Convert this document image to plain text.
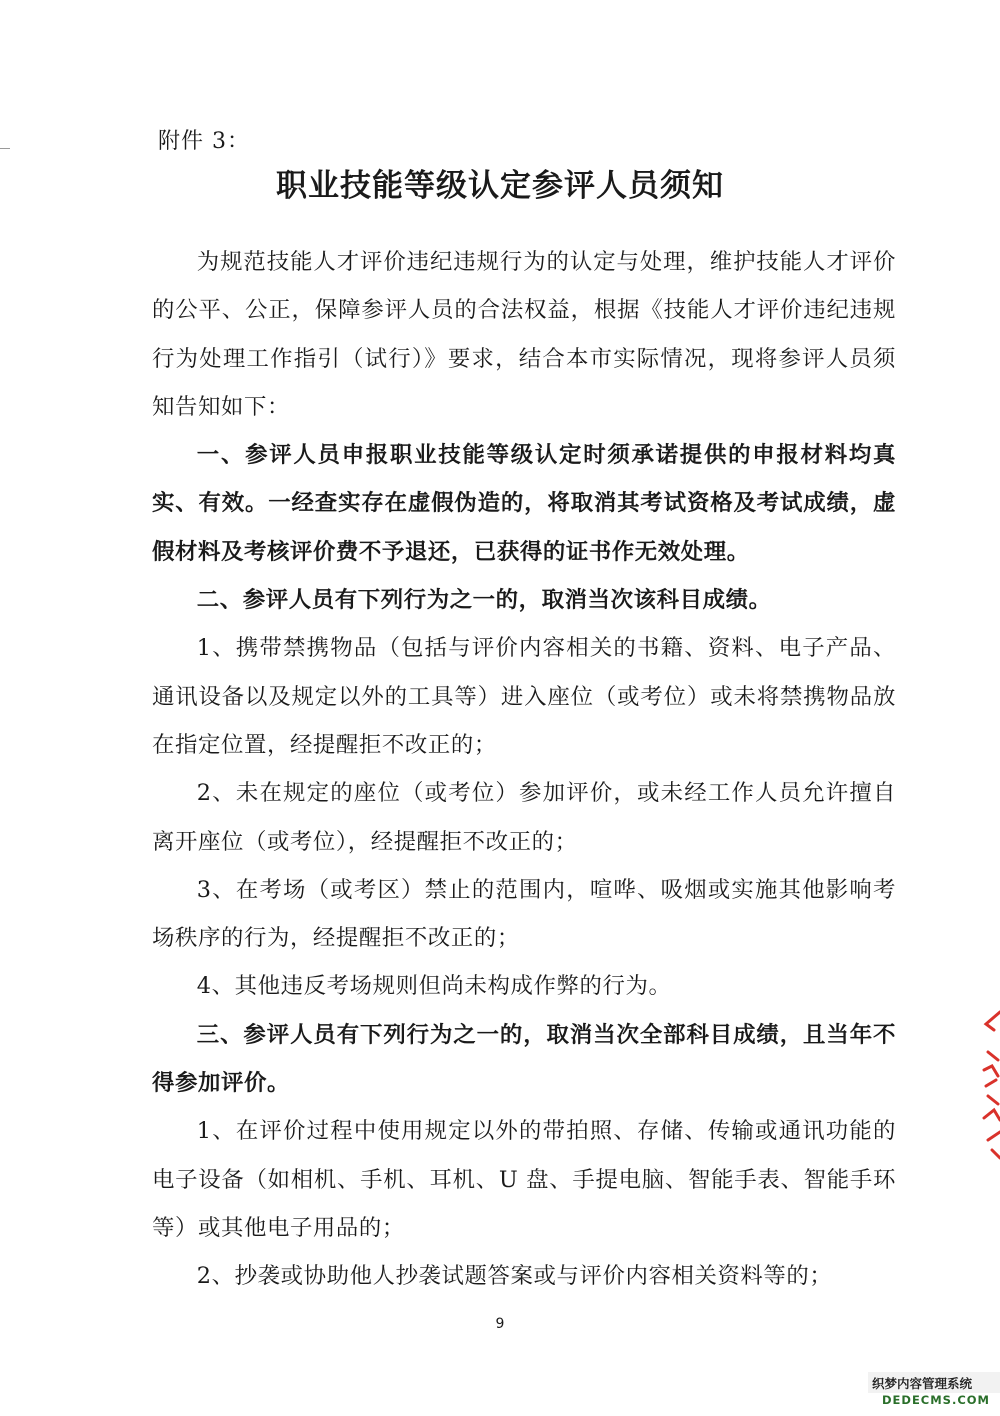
附件 3：
职业技能等级认定参评人员须知

为规范技能人才评价违纪违规行为的认定与处理，维护技能人才评价的公平、公正，保障参评人员的合法权益，根据《技能人才评价违纪违规行为处理工作指引（试行）》要求，结合本市实际情况，现将参评人员须知告知如下：

一、参评人员申报职业技能等级认定时须承诺提供的申报材料均真实、有效。一经查实存在虚假伪造的，将取消其考试资格及考试成绩，虚假材料及考核评价费不予退还，已获得的证书作无效处理。

二、参评人员有下列行为之一的，取消当次该科目成绩。

1、携带禁携物品（包括与评价内容相关的书籍、资料、电子产品、通讯设备以及规定以外的工具等）进入座位（或考位）或未将禁携物品放在指定位置，经提醒拒不改正的；

2、未在规定的座位（或考位）参加评价，或未经工作人员允许擅自离开座位（或考位），经提醒拒不改正的；

3、在考场（或考区）禁止的范围内，喧哗、吸烟或实施其他影响考场秩序的行为，经提醒拒不改正的；

4、其他违反考场规则但尚未构成作弊的行为。

三、参评人员有下列行为之一的，取消当次全部科目成绩，且当年不得参加评价。

1、在评价过程中使用规定以外的带拍照、存储、传输或通讯功能的电子设备（如相机、手机、耳机、U 盘、手提电脑、智能手表、智能手环等）或其他电子用品的；

2、抄袭或协助他人抄袭试题答案或与评价内容相关资料等的；

9
织梦内容管理系统
DEDECMS.COM
